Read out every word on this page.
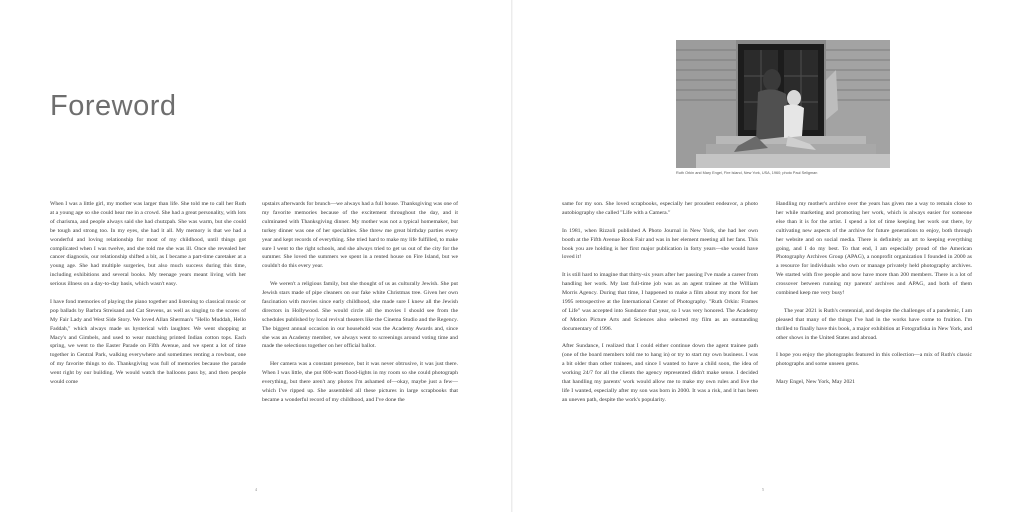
Foreword

When I was a little girl, my mother was larger than life. She told me to call her Ruth at a young age so she could hear me in a crowd. She had a great personality, with lots of charisma, and people always said she had chutzpah. She was warm, but she could be tough and strong too. In my eyes, she had it all. My memory is that we had a wonderful and loving relationship for most of my childhood, until things got complicated when I was twelve, and she told me she was ill. Once she revealed her cancer diagnosis, our relationship shifted a bit, as I became a part-time caretaker at a young age. She had multiple surgeries, but also much success during this time, including exhibitions and several books. My teenage years meant living with her serious illness on a day-to-day basis, which wasn't easy.

I have fond memories of playing the piano together and listening to classical music or pop ballads by Barbra Streisand and Cat Stevens, as well as singing to the scores of My Fair Lady and West Side Story. We loved Allan Sherman's "Hello Muddah, Hello Faddah," which always made us hysterical with laughter. We went shopping at Macy's and Gimbels, and used to wear matching printed Indian cotton tops. Each spring, we went to the Easter Parade on Fifth Avenue, and we spent a lot of time together in Central Park, walking everywhere and sometimes renting a rowboat, one of my favorite things to do. Thanksgiving was full of memories because the parade went right by our building. We would watch the balloons pass by, and then people would come

upstairs afterwards for brunch—we always had a full house. Thanksgiving was one of my favorite memories because of the excitement throughout the day, and it culminated with Thanksgiving dinner. My mother was not a typical homemaker, but turkey dinner was one of her specialties. She threw me great birthday parties every year and kept records of everything. She tried hard to make my life fulfilled, to make sure I went to the right schools, and she always tried to get us out of the city for the summer. She loved the summers we spent in a rented house on Fire Island, but we couldn't do this every year.

We weren't a religious family, but she thought of us as culturally Jewish. She put Jewish stars made of pipe cleaners on our fake white Christmas tree. Given her own fascination with movies since early childhood, she made sure I knew all the Jewish directors in Hollywood. She would circle all the movies I should see from the schedules published by local revival theaters like the Cinema Studio and the Regency. The biggest annual occasion in our household was the Academy Awards and, since she was an Academy member, we always went to screenings around voting time and made the selections together on her official ballot.

Her camera was a constant presence, but it was never obtrusive, it was just there. When I was little, she put 800-watt flood-lights in my room so she could photograph everything, but there aren't any photos I'm ashamed of—okay, maybe just a few—which I've ripped up. She assembled all these pictures in large scrapbooks that became a wonderful record of my childhood, and I've done the

same for my son. She loved scrapbooks, especially her proudest endeavor, a photo autobiography she called "Life with a Camera."

In 1981, when Rizzoli published A Photo Journal in New York, she had her own booth at the Fifth Avenue Book Fair and was in her element meeting all her fans. This book you are holding is her first major publication in forty years—she would have loved it!

It is still hard to imagine that thirty-six years after her passing I've made a career from handling her work. My last full-time job was as an agent trainee at the William Morris Agency. During that time, I happened to make a film about my mom for her 1995 retrospective at the International Center of Photography. "Ruth Orkin: Frames of Life" was accepted into Sundance that year, so I was very honored. The Academy of Motion Picture Arts and Sciences also selected my film as an outstanding documentary of 1996.

After Sundance, I realized that I could either continue down the agent trainee path (one of the board members told me to hang in) or try to start my own business. I was a bit older than other trainees, and since I wanted to have a child soon, the idea of working 24/7 for all the clients the agency represented didn't make sense. I decided that handling my parents' work would allow me to make my own rules and live the life I wanted, especially after my son was born in 2000. It was a risk, and it has been an uneven path, despite the work's popularity.

Handling my mother's archive over the years has given me a way to remain close to her while marketing and promoting her work, which is always easier for someone else than it is for the artist. I spend a lot of time keeping her work out there, by cultivating new aspects of the archive for future generations to enjoy, both through her website and on social media. There is definitely an art to keeping everything going, and I do my best. To that end, I am especially proud of the American Photography Archives Group (APAG), a nonprofit organization I founded in 2000 as a resource for individuals who own or manage privately held photography archives. We started with five people and now have more than 200 members. There is a lot of crossover between running my parents' archives and APAG, and both of them combined keep me very busy!

The year 2021 is Ruth's centennial, and despite the challenges of a pandemic, I am pleased that many of the things I've had in the works have come to fruition. I'm thrilled to finally have this book, a major exhibition at Fotografiska in New York, and other shows in the United States and abroad.

I hope you enjoy the photographs featured in this collection—a mix of Ruth's classic photographs and some unseen gems.

Mary Engel, New York, May 2021

Ruth Orkin and Mary Engel, Fire Island, New York, USA, 1960; photo Paul Seligman
4	5
